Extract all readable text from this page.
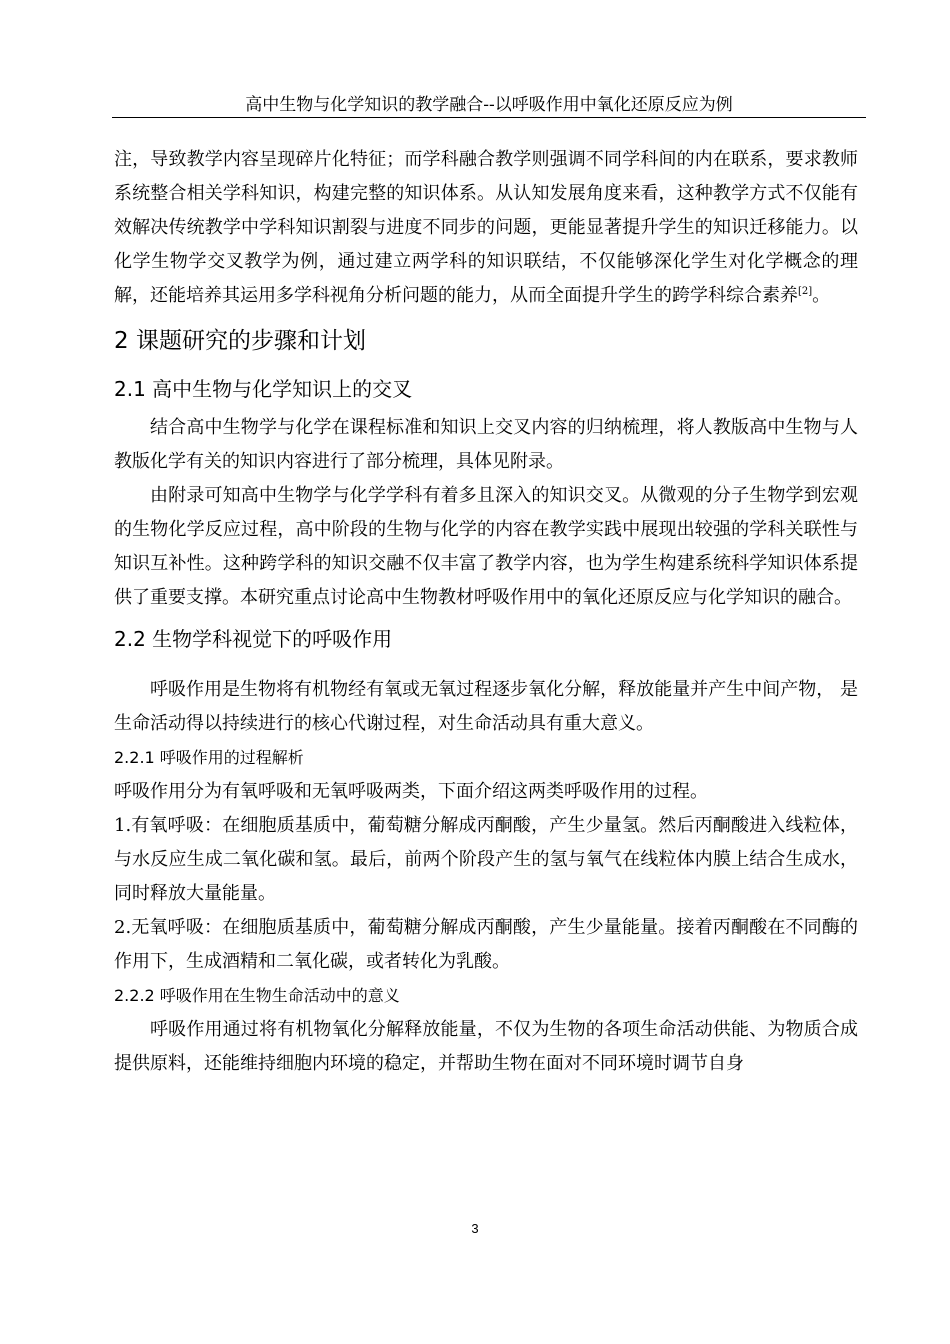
高中生物与化学知识的教学融合--以呼吸作用中氧化还原反应为例

注，导致教学内容呈现碎片化特征；而学科融合教学则强调不同学科间的内在联系，要求教师系统整合相关学科知识，构建完整的知识体系。从认知发展角度来看，这种教学方式不仅能有效解决传统教学中学科知识割裂与进度不同步的问题，更能显著提升学生的知识迁移能力。以化学生物学交叉教学为例，通过建立两学科的知识联结，不仅能够深化学生对化学概念的理解，还能培养其运用多学科视角分析问题的能力，从而全面提升学生的跨学科综合素养[2]。

2 课题研究的步骤和计划
2.1 高中生物与化学知识上的交叉

结合高中生物学与化学在课程标准和知识上交叉内容的归纳梳理，将人教版高中生物与人教版化学有关的知识内容进行了部分梳理，具体见附录。

由附录可知高中生物学与化学学科有着多且深入的知识交叉。从微观的分子生物学到宏观的生物化学反应过程，高中阶段的生物与化学的内容在教学实践中展现出较强的学科关联性与知识互补性。这种跨学科的知识交融不仅丰富了教学内容，也为学生构建系统科学知识体系提供了重要支撑。本研究重点讨论高中生物教材呼吸作用中的氧化还原反应与化学知识的融合。

2.2 生物学科视觉下的呼吸作用

呼吸作用是生物将有机物经有氧或无氧过程逐步氧化分解，释放能量并产生中间产物， 是生命活动得以持续进行的核心代谢过程，对生命活动具有重大意义。

2.2.1 呼吸作用的过程解析

呼吸作用分为有氧呼吸和无氧呼吸两类，下面介绍这两类呼吸作用的过程。

1.有氧呼吸：在细胞质基质中，葡萄糖分解成丙酮酸，产生少量氢。然后丙酮酸进入线粒体，与水反应生成二氧化碳和氢。最后，前两个阶段产生的氢与氧气在线粒体内膜上结合生成水，同时释放大量能量。

2.无氧呼吸：在细胞质基质中，葡萄糖分解成丙酮酸，产生少量能量。接着丙酮酸在不同酶的作用下，生成酒精和二氧化碳，或者转化为乳酸。

2.2.2 呼吸作用在生物生命活动中的意义

呼吸作用通过将有机物氧化分解释放能量，不仅为生物的各项生命活动供能、为物质合成提供原料，还能维持细胞内环境的稳定，并帮助生物在面对不同环境时调节自身

3
